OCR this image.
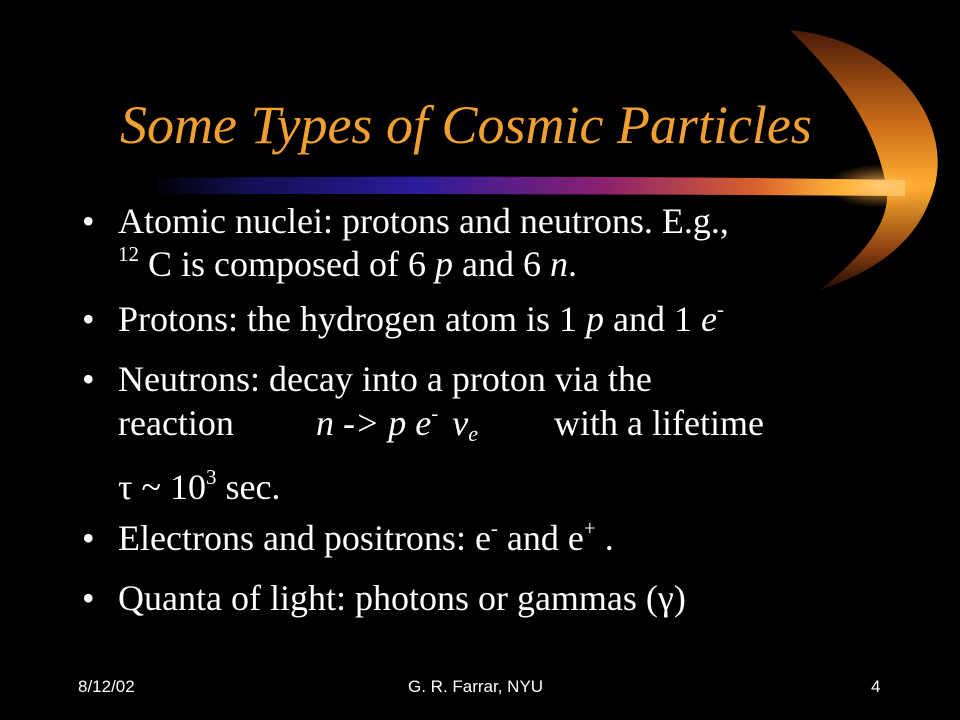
Some Types of Cosmic Particles
• Atomic nuclei: protons and neutrons. E.g.,
$^{12}$ C is composed of 6 p and 6 n.
• Protons: the hydrogen atom is 1 p and 1 e-
• Neutrons: decay into a proton via the
reaction n -> p e- $\nu_e$ with a lifetime
τ ~ $10^3$ sec.
• Electrons and positrons: e- and e+ .
• Quanta of light: photons or gammas (γ)
8/12/02	G. R. Farrar, NYU	4
